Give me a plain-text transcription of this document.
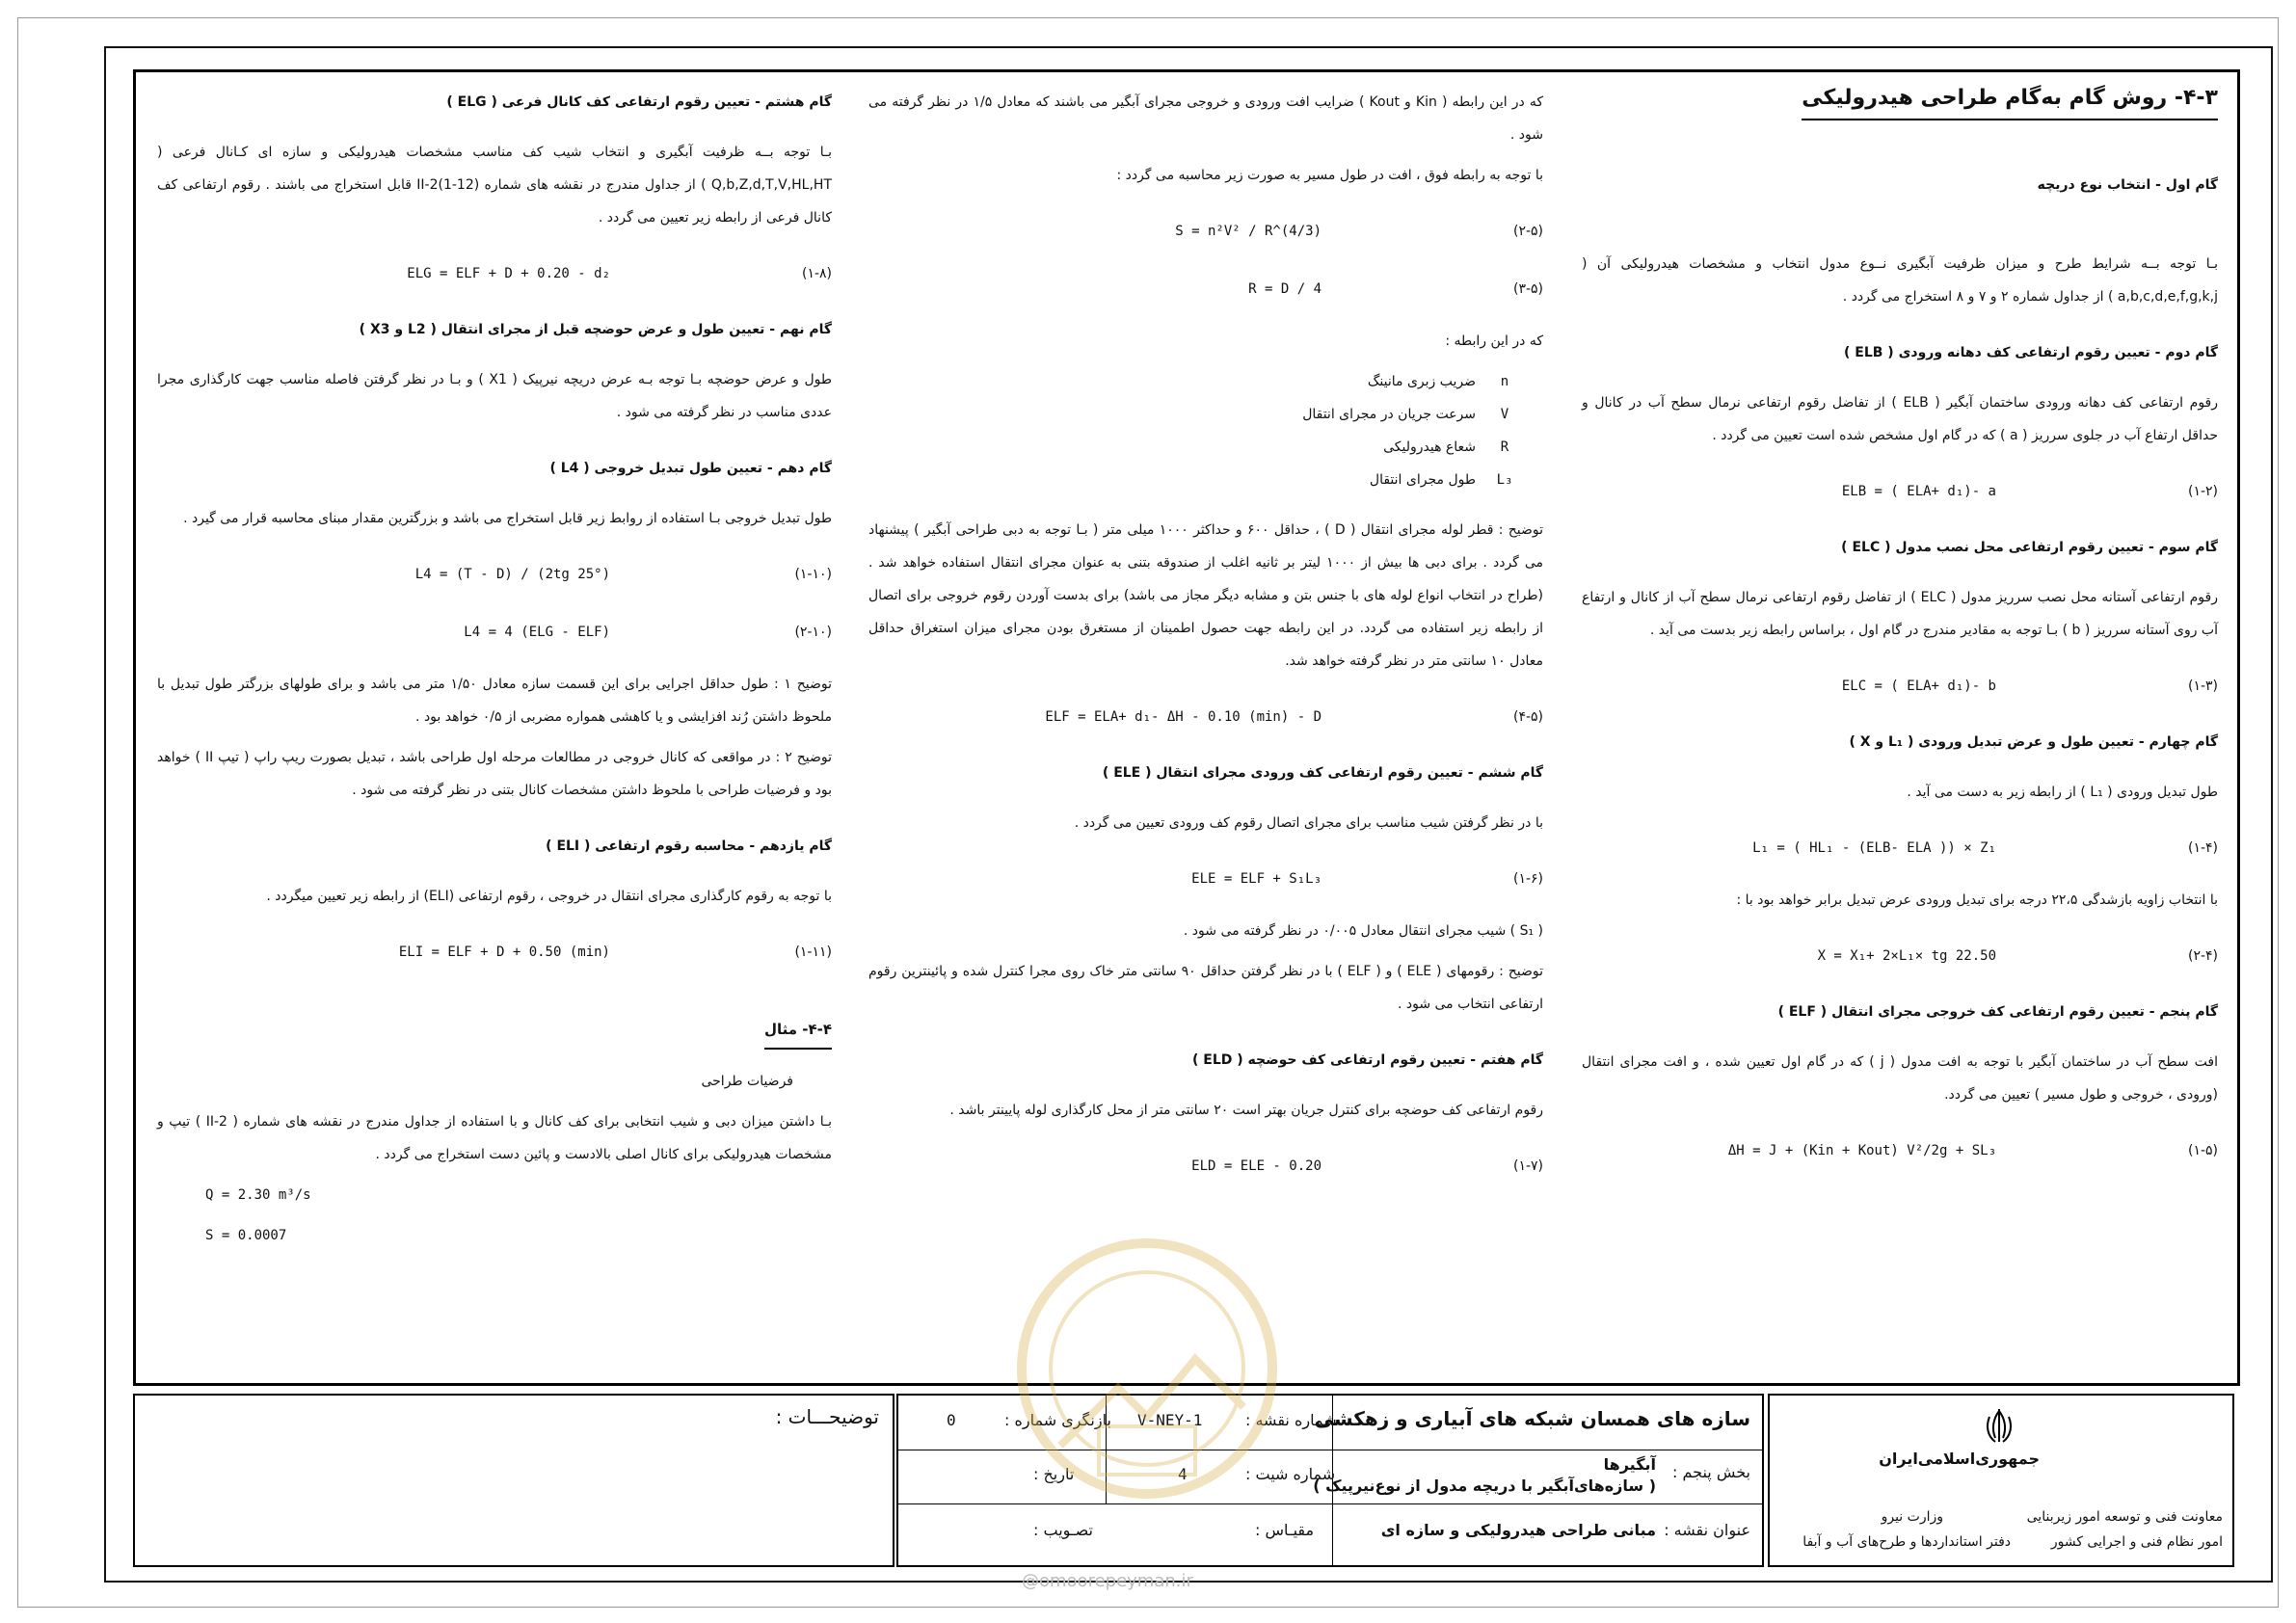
۴-۳- روش گام به‌گام طراحی هیدرولیکی
گام اول - انتخاب نوع دریچه
بـا توجه بــه شرایط طرح و میزان ظرفیت آبگیری نــوع مدول انتخاب و مشخصات هیدرولیکی آن ( a,b,c,d,e,f,g,k,j ) از جداول شماره ۲ و ۷ و ۸ استخراج می گردد .
گام دوم - تعیین رقوم ارتفاعی کف دهانه ورودی ( ELB )
رقوم ارتفاعی کف دهانه ورودی ساختمان آبگیر ( ELB ) از تفاضل رقوم ارتفاعی نرمال سطح آب در کانال و حداقل ارتفاع آب در جلوی سرریز ( a ) که در گام اول مشخص شده است تعیین می گردد .
(۱-۲)
ELB = ( ELA+ d₁)- a
گام سوم - تعیین رقوم ارتفاعی محل نصب مدول ( ELC )
رقوم ارتفاعی آستانه محل نصب سرریز مدول ( ELC ) از تفاضل رقوم ارتفاعی نرمال سطح آب از کانال و ارتفاع آب روی آستانه سرریز ( b ) بـا توجه به مقادیر مندرج در گام اول ، براساس رابطه زیر بدست می آید .
(۱-۳)
ELC = ( ELA+ d₁)- b
گام چهارم - تعیین طول و عرض تبدیل ورودی ( L₁ و X )
طول تبدیل ورودی ( L₁ ) از رابطه زیر به دست می آید .
(۱-۴)
L₁ = ( HL₁ - (ELB- ELA )) × Z₁
با انتخاب زاویه بازشدگی ۲۲،۵ درجه برای تبدیل ورودی عرض تبدیل برابر خواهد بود با :
(۲-۴)
X = X₁+ 2×L₁× tg 22.50
گام پنجم - تعیین رقوم ارتفاعی کف خروجی مجرای انتقال ( ELF )
افت سطح آب در ساختمان آبگیر با توجه به افت مدول ( j ) که در گام اول تعیین شده ، و افت مجرای انتقال (ورودی ، خروجی و طول مسیر ) تعیین می گردد.
(۱-۵)
ΔH = J + (Kin + Kout) V²/2g + SL₃
که در این رابطه ( Kin و Kout ) ضرایب افت ورودی و خروجی مجرای آبگیر می باشند که معادل ۱/۵ در نظر گرفته می شود .
با توجه به رابطه فوق ، افت در طول مسیر به صورت زیر محاسبه می گردد :
(۲-۵)
S = n²V² / R^(4/3)
(۳-۵)
R = D / 4
که در این رابطه :
n
ضریب زبری مانینگ
V
سرعت جریان در مجرای انتقال
R
شعاع هیدرولیکی
L₃
طول مجرای انتقال
توضیح : قطر لوله مجرای انتقال ( D ) ، حداقل ۶۰۰ و حداکثر ۱۰۰۰ میلی متر ( بـا توجه به دبی طراحی آبگیر ) پیشنهاد می گردد . برای دبی ها بیش از ۱۰۰۰ لیتر بر ثانیه اغلب از صندوقه بتنی به عنوان مجرای انتقال استفاده خواهد شد . (طراح در انتخاب انواع لوله های با جنس بتن و مشابه دیگر مجاز می باشد) برای بدست آوردن رقوم خروجی برای اتصال از رابطه زیر استفاده می گردد. در این رابطه جهت حصول اطمینان از مستغرق بودن مجرای میزان استغراق حداقل معادل ۱۰ سانتی متر در نظر گرفته خواهد شد.
(۴-۵)
ELF = ELA+ d₁- ΔH - 0.10 (min) - D
گام ششم - تعیین رقوم ارتفاعی کف ورودی مجرای انتقال ( ELE )
با در نظر گرفتن شیب مناسب برای مجرای اتصال رقوم کف ورودی تعیین می گردد .
(۱-۶)
ELE = ELF + S₁L₃
( S₁ ) شیب مجرای انتقال معادل ۰/۰۰۵ در نظر گرفته می شود .
توضیح : رقومهای ( ELE ) و ( ELF ) با در نظر گرفتن حداقل ۹۰ سانتی متر خاک روی مجرا کنترل شده و پائینترین رقوم ارتفاعی انتخاب می شود .
گام هفتم - تعیین رقوم ارتفاعی کف حوضچه ( ELD )
رقوم ارتفاعی کف حوضچه برای کنترل جریان بهتر است ۲۰ سانتی متر از محل کارگذاری لوله پایینتر باشد .
(۱-۷)
ELD = ELE - 0.20
گام هشتم - تعیین رقوم ارتفاعی کف کانال فرعی ( ELG )
بـا توجه بــه ظرفیت آبگیری و انتخاب شیب کف مناسب مشخصات هیدرولیکی و سازه ای کـانال فرعی ( Q,b,Z,d,T,V,HL,HT ) از جداول مندرج در نقشه های شماره (II-2(1-12 قابل استخراج می باشند . رقوم ارتفاعی کف کانال فرعی از رابطه زیر تعیین می گردد .
(۱-۸)
ELG = ELF + D + 0.20 - d₂
گام نهم - تعیین طول و عرض حوضچه قبل از مجرای انتقال ( L2 و X3 )
طول و عرض حوضچه بـا توجه بـه عرض دریچه نیرپیک ( X1 ) و بـا در نظر گرفتن فاصله مناسب جهت کارگذاری مجرا عددی مناسب در نظر گرفته می شود .
گام دهم - تعیین طول تبدیل خروجی ( L4 )
طول تبدیل خروجی بـا استفاده از روابط زیر قابل استخراج می باشد و بزرگترین مقدار مبنای محاسبه قرار می گیرد .
(۱-۱۰)
L4 = (T - D) / (2tg 25°)
(۲-۱۰)
L4 = 4 (ELG - ELF)
توضیح ۱ : طول حداقل اجرایی برای این قسمت سازه معادل ۱/۵۰ متر می باشد و برای طولهای بزرگتر طول تبدیل با ملحوظ داشتن رُند افزایشی و یا کاهشی همواره مضربی از ۰/۵ خواهد بود .
توضیح ۲ : در مواقعی که کانال خروجی در مطالعات مرحله اول طراحی باشد ، تبدیل بصورت ریپ راپ ( تیپ II ) خواهد بود و فرضیات طراحی با ملحوظ داشتن مشخصات کانال بتنی در نظر گرفته می شود .
گام یازدهم - محاسبه رقوم ارتفاعی ( ELI )
با توجه به رقوم کارگذاری مجرای انتقال در خروجی ، رقوم ارتفاعی (ELI) از رابطه زیر تعیین میگردد .
(۱-۱۱)
ELI = ELF + D + 0.50 (min)
۴-۴- مثال
فرضیات طراحی
بـا داشتن میزان دبی و شیب انتخابی برای کف کانال و با استفاده از جداول مندرج در نقشه های شماره ( II-2 ) تیپ و مشخصات هیدرولیکی برای کانال اصلی بالادست و پائین دست استخراج می گردد .
Q = 2.30 m³/s
S = 0.0007
توضیحـــات :	سازه های همسان شبکه های آبیاری و زهکشی
بخش پنجم :
آبگیرها
( سازه‌های‌آبگیر با دریچه مدول از نوع‌نیرپیک )
عنوان نقشه :
مبانی طراحی هیدرولیکی و سازه ای
شماره نقشه :
V-NEY-1
بازنگری شماره :
0
شماره شیت :
4
تاریخ :
مقیـاس :
تصـویب :
جمهوری‌اسلامی‌ایران
معاونت فنی و توسعه امور زیربنایی
وزارت نیرو
امور نظام فنی و اجرایی کشور
دفتر استانداردها و طرح‌های آب و آبفا
@omoorepeyman.ir
